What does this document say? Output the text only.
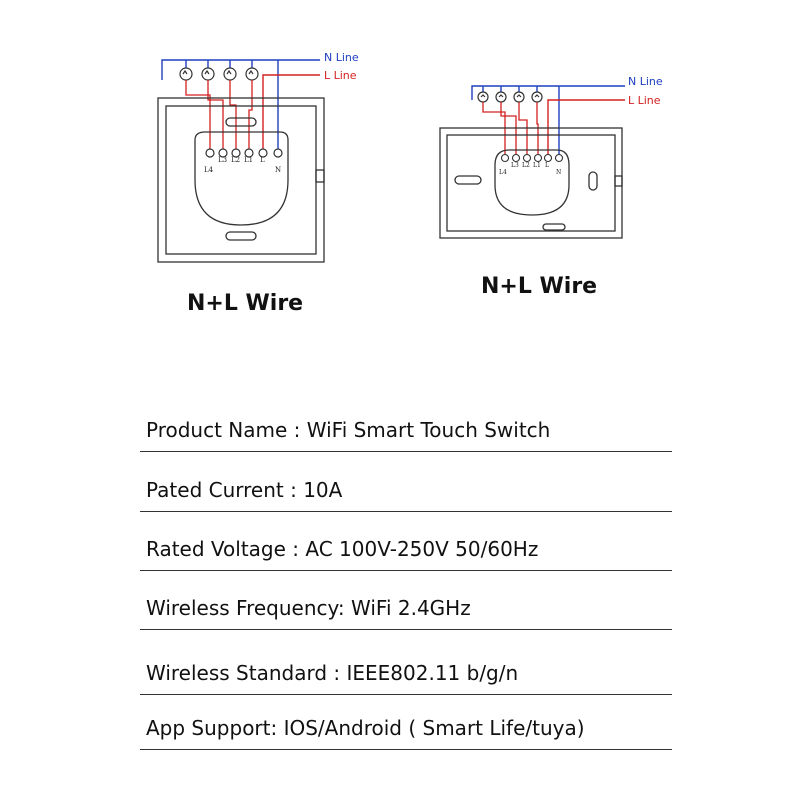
L4
L3 L2 L1 L
N
N Line
L Line
N+L Wire
L4
L3 L2 L1 L
N
N Line
L Line
N+L Wire
Product Name : WiFi Smart Touch Switch
Pated Current : 10A
Rated Voltage : AC 100V-250V 50/60Hz
Wireless Frequency: WiFi 2.4GHz
Wireless Standard : IEEE802.11 b/g/n
App Support: IOS/Android ( Smart Life/tuya)
